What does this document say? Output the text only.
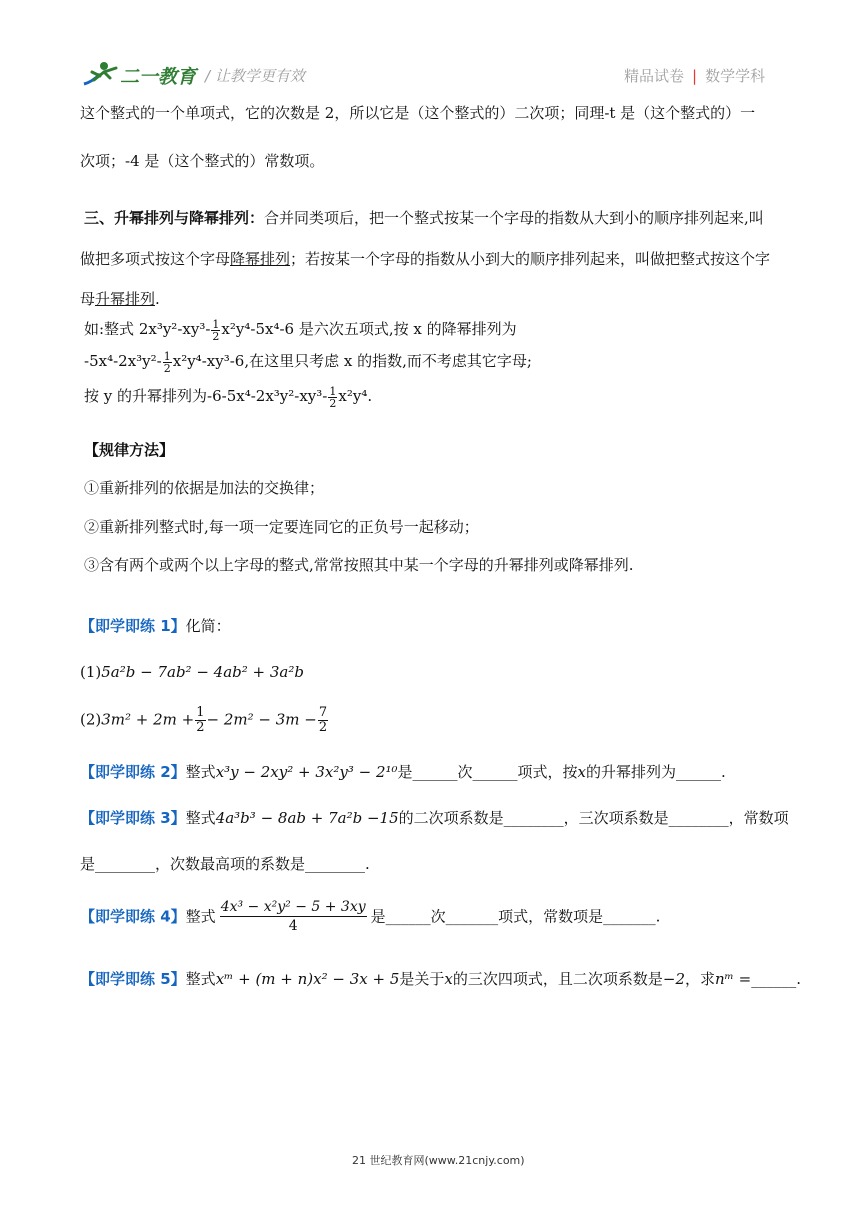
二一教育 / 让教学更有效	精品试卷 | 数学学科
这个整式的一个单项式，它的次数是 2，所以它是（这个整式的）二次项；同理-t 是（这个整式的）一
次项；-4 是（这个整式的）常数项。
三、升幂排列与降幂排列：合并同类项后，把一个整式按某一个字母的指数从大到小的顺序排列起来,叫
做把多项式按这个字母降幂排列；若按某一个字母的指数从小到大的顺序排列起来，叫做把整式按这个字
母升幂排列.
如:整式 $2x^3y^2-xy^3- \frac{1}{2} x^2y^4-5x^4-6$ 是六次五项式,按 x 的降幂排列为
$-5x^4-2x^3y^2- \frac{1}{2} x^2y^4-xy^3-6$,在这里只考虑 x 的指数,而不考虑其它字母;
按 y 的升幂排列为$-6-5x^4-2x^3y^2-xy^3- \frac{1}{2} x^2y^4$.
【规律方法】
①重新排列的依据是加法的交换律；
②重新排列整式时,每一项一定要连同它的正负号一起移动；
③含有两个或两个以上字母的整式,常常按照其中某一个字母的升幂排列或降幂排列.
【即学即练 1】化简：
(1)5a²b − 7ab² − 4ab² + 3a²b
$(2)3m^2 + 2m + \frac{1}{2} - 2m^2 - 3m - \frac{7}{2}$
【即学即练 2】整式x³y − 2xy² + 3x²y³ − 2¹⁰是______次______项式，按x的升幂排列为______.
【即学即练 3】整式4a³b³ − 8ab + 7a²b −15的二次项系数是________，三次项系数是________，常数项
是________，次数最高项的系数是________.
【即学即练 4】整式 $\frac{\text{4x³ − x²y² − 5 + 3xy}}{4}$ 是______次_______项式，常数项是_______.
【即学即练 5】整式xᵐ + (m + n)x² − 3x + 5是关于x的三次四项式，且二次项系数是−2，求nᵐ =______.
21 世纪教育网(www.21cnjy.com)
